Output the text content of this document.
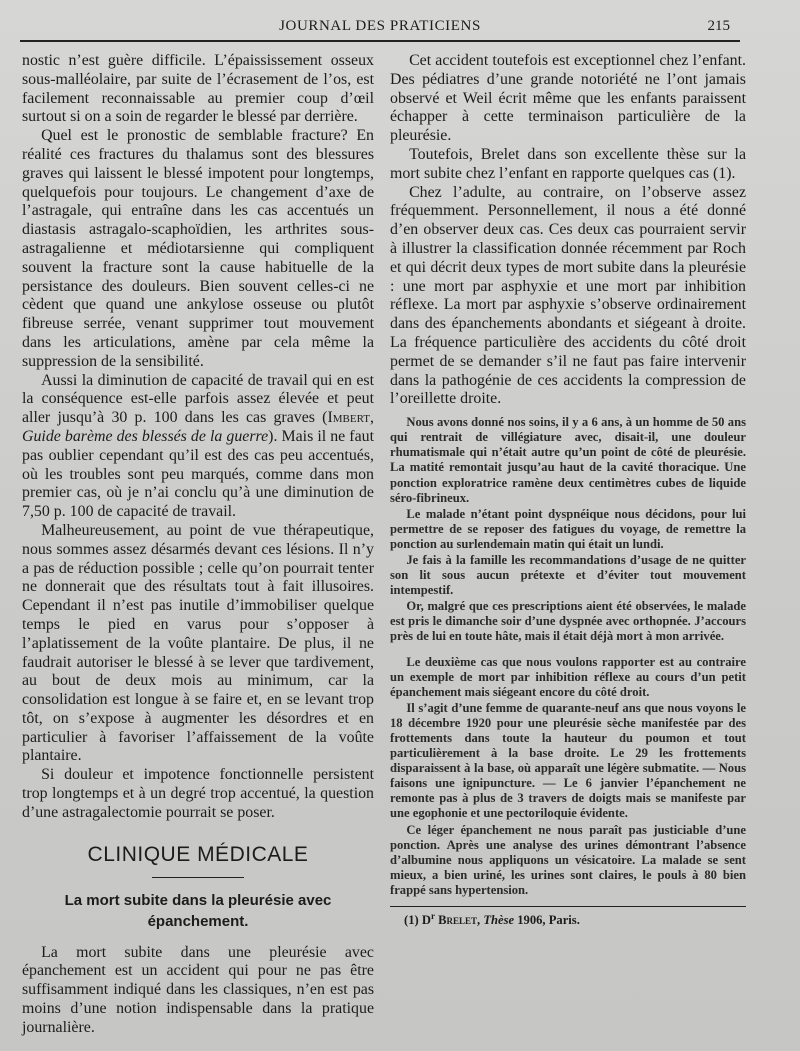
JOURNAL DES PRATICIENS	215

nostic n’est guère difficile. L’épaississement osseux sous-malléolaire, par suite de l’écrasement de l’os, est facilement reconnaissable au premier coup d’œil surtout si on a soin de regarder le blessé par derrière.

Quel est le pronostic de semblable fracture? En réalité ces fractures du thalamus sont des blessures graves qui laissent le blessé impotent pour longtemps, quelquefois pour toujours. Le changement d’axe de l’astragale, qui entraîne dans les cas accentués un diastasis astragalo-scaphoïdien, les arthrites sous-astragalienne et médiotarsienne qui compliquent souvent la fracture sont la cause habituelle de la persistance des douleurs. Bien souvent celles-ci ne cèdent que quand une ankylose osseuse ou plutôt fibreuse serrée, venant supprimer tout mouvement dans les articulations, amène par cela même la suppression de la sensibilité.

Aussi la diminution de capacité de travail qui en est la conséquence est-elle parfois assez élevée et peut aller jusqu’à 30 p. 100 dans les cas graves (Imbert, Guide barème des blessés de la guerre). Mais il ne faut pas oublier cependant qu’il est des cas peu accentués, où les troubles sont peu marqués, comme dans mon premier cas, où je n’ai conclu qu’à une diminution de 7,50 p. 100 de capacité de travail.

Malheureusement, au point de vue thérapeutique, nous sommes assez désarmés devant ces lésions. Il n’y a pas de réduction possible ; celle qu’on pourrait tenter ne donnerait que des résultats tout à fait illusoires. Cependant il n’est pas inutile d’immobiliser quelque temps le pied en varus pour s’opposer à l’aplatissement de la voûte plantaire. De plus, il ne faudrait autoriser le blessé à se lever que tardivement, au bout de deux mois au minimum, car la consolidation est longue à se faire et, en se levant trop tôt, on s’expose à augmenter les désordres et en particulier à favoriser l’affaissement de la voûte plantaire.

Si douleur et impotence fonctionnelle persistent trop longtemps et à un degré trop accentué, la question d’une astragalectomie pourrait se poser.

CLINIQUE MÉDICALE
La mort subite dans la pleurésie avec épanchement.

La mort subite dans une pleurésie avec épanchement est un accident qui pour ne pas être suffisamment indiqué dans les classiques, n’en est pas moins d’une notion indispensable dans la pratique journalière.

Cet accident toutefois est exceptionnel chez l’enfant. Des pédiatres d’une grande notoriété ne l’ont jamais observé et Weil écrit même que les enfants paraissent échapper à cette terminaison particulière de la pleurésie.

Toutefois, Brelet dans son excellente thèse sur la mort subite chez l’enfant en rapporte quelques cas (1).

Chez l’adulte, au contraire, on l’observe assez fréquemment. Personnellement, il nous a été donné d’en observer deux cas. Ces deux cas pourraient servir à illustrer la classification donnée récemment par Roch et qui décrit deux types de mort subite dans la pleurésie : une mort par asphyxie et une mort par inhibition réflexe. La mort par asphyxie s’observe ordinairement dans des épanchements abondants et siégeant à droite. La fréquence particulière des accidents du côté droit permet de se demander s’il ne faut pas faire intervenir dans la pathogénie de ces accidents la compression de l’oreillette droite.

Nous avons donné nos soins, il y a 6 ans, à un homme de 50 ans qui rentrait de villégiature avec, disait-il, une douleur rhumatismale qui n’était autre qu’un point de côté de pleurésie. La matité remontait jusqu’au haut de la cavité thoracique. Une ponction exploratrice ramène deux centimètres cubes de liquide séro-fibrineux.

Le malade n’étant point dyspnéique nous décidons, pour lui permettre de se reposer des fatigues du voyage, de remettre la ponction au surlendemain matin qui était un lundi.

Je fais à la famille les recommandations d’usage de ne quitter son lit sous aucun prétexte et d’éviter tout mouvement intempestif.

Or, malgré que ces prescriptions aient été observées, le malade est pris le dimanche soir d’une dyspnée avec orthopnée. J’accours près de lui en toute hâte, mais il était déjà mort à mon arrivée.

Le deuxième cas que nous voulons rapporter est au contraire un exemple de mort par inhibition réflexe au cours d’un petit épanchement mais siégeant encore du côté droit.

Il s’agit d’une femme de quarante-neuf ans que nous voyons le 18 décembre 1920 pour une pleurésie sèche manifestée par des frottements dans toute la hauteur du poumon et tout particulièrement à la base droite. Le 29 les frottements disparaissent à la base, où apparaît une légère submatite. — Nous faisons une ignipuncture. — Le 6 janvier l’épanchement ne remonte pas à plus de 3 travers de doigts mais se manifeste par une egophonie et une pectoriloquie évidente.

Ce léger épanchement ne nous paraît pas justiciable d’une ponction. Après une analyse des urines démontrant l’absence d’albumine nous appliquons un vésicatoire. La malade se sent mieux, a bien uriné, les urines sont claires, le pouls à 80 bien frappé sans hypertension.

(1) $D^r$ Brelet, Thèse 1906, Paris.
